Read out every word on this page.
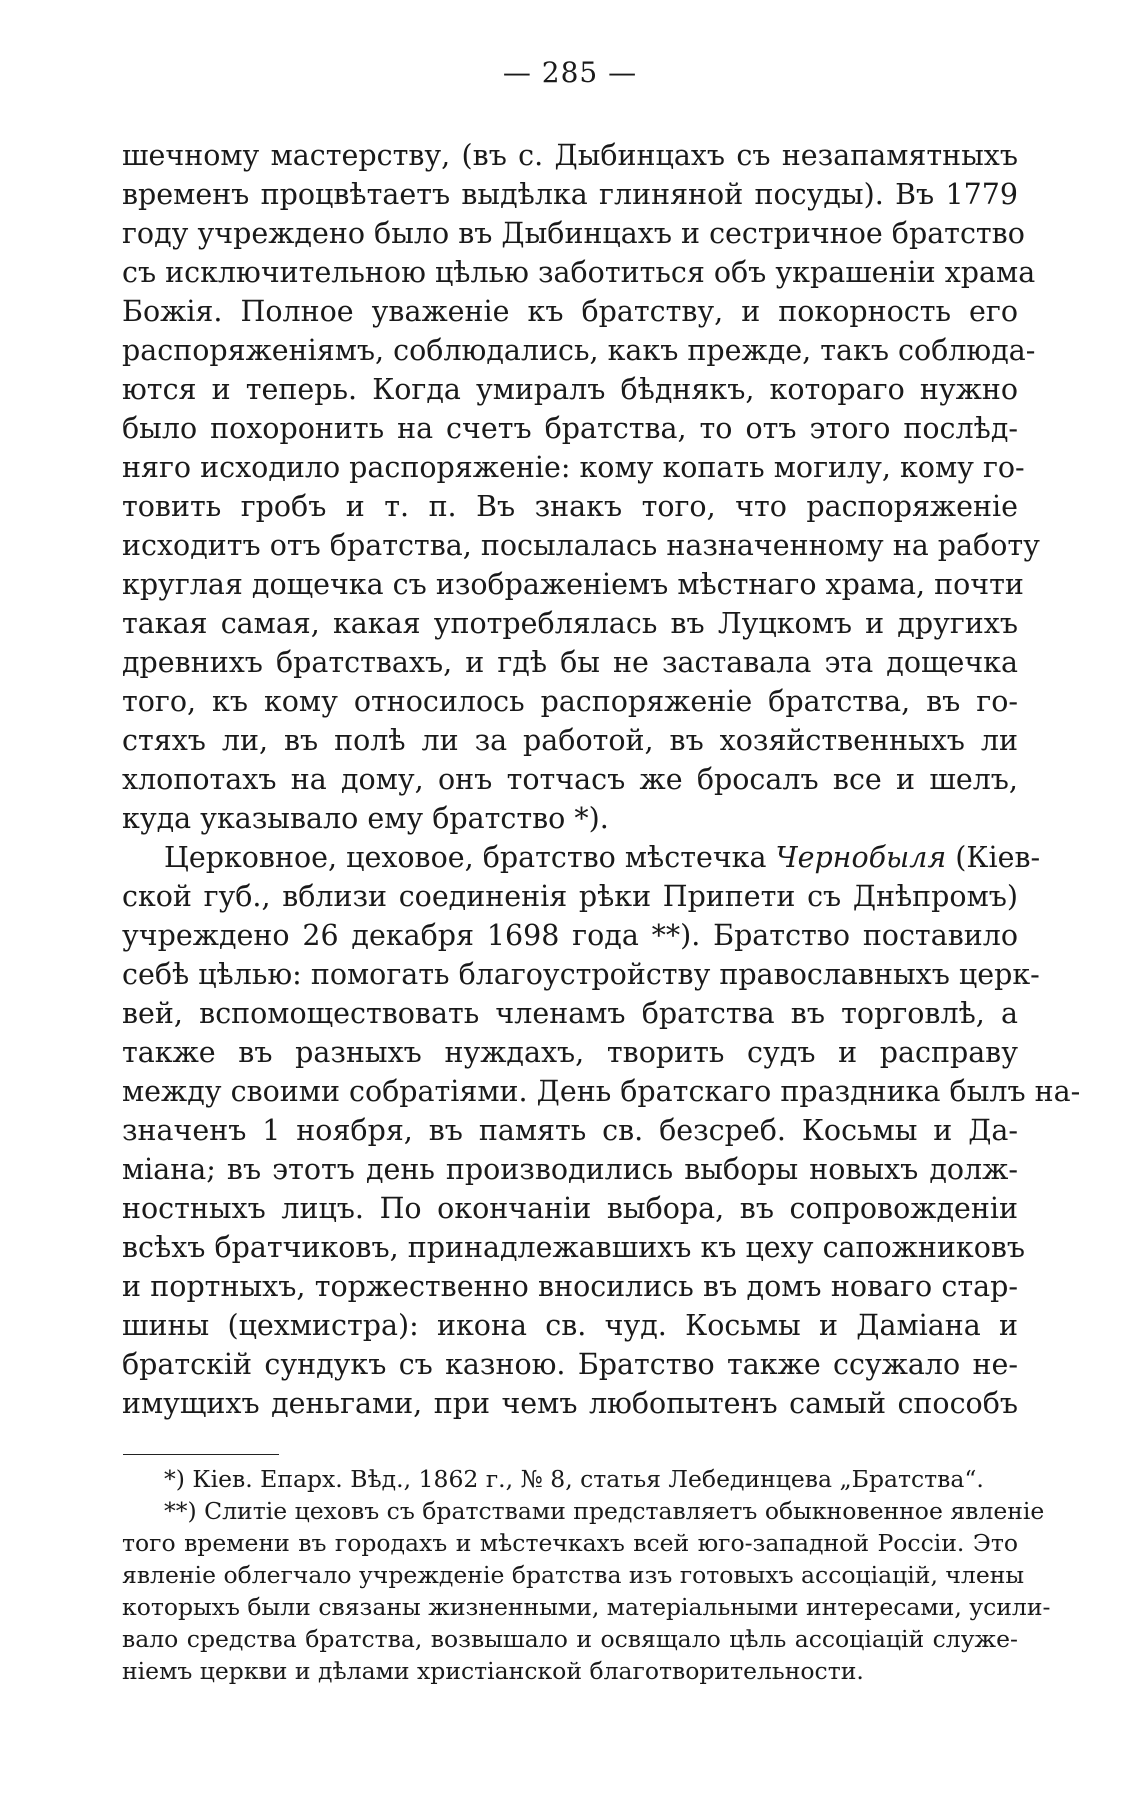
— 285 —
шечному мастерству, (въ с. Дыбинцахъ съ незапамятныхъ
временъ процвѣтаетъ выдѣлка глиняной посуды). Въ 1779
году учреждено было въ Дыбинцахъ и сестричное братство
съ исключительною цѣлью заботиться объ украшеніи храма
Божія. Полное уваженіе къ братству, и покорность его
распоряженіямъ, соблюдались, какъ прежде, такъ соблюда-
ются и теперь. Когда умиралъ бѣднякъ, котораго нужно
было похоронить на счетъ братства, то отъ этого послѣд-
няго исходило распоряженіе: кому копать могилу, кому го-
товить гробъ и т. п. Въ знакъ того, что распоряженіе
исходитъ отъ братства, посылалась назначенному на работу
круглая дощечка съ изображеніемъ мѣстнаго храма, почти
такая самая, какая употреблялась въ Луцкомъ и другихъ
древнихъ братствахъ, и гдѣ бы не заставала эта дощечка
того, къ кому относилось распоряженіе братства, въ го-
стяхъ ли, въ полѣ ли за работой, въ хозяйственныхъ ли
хлопотахъ на дому, онъ тотчасъ же бросалъ все и шелъ,
куда указывало ему братство *).
Церковное, цеховое, братство мѣстечка Чернобыля (Кіев-
ской губ., вблизи соединенія рѣки Припети съ Днѣпромъ)
учреждено 26 декабря 1698 года **). Братство поставило
себѣ цѣлью: помогать благоустройству православныхъ церк-
вей, вспомоществовать членамъ братства въ торговлѣ, а
также въ разныхъ нуждахъ, творить судъ и расправу
между своими собратіями. День братскаго праздника былъ на-
значенъ 1 ноября, въ память св. безсреб. Косьмы и Да-
міана; въ этотъ день производились выборы новыхъ долж-
ностныхъ лицъ. По окончаніи выбора, въ сопровожденіи
всѣхъ братчиковъ, принадлежавшихъ къ цеху сапожниковъ
и портныхъ, торжественно вносились въ домъ новаго стар-
шины (цехмистра): икона св. чуд. Косьмы и Даміана и
братскій сундукъ съ казною. Братство также ссужало не-
имущихъ деньгами, при чемъ любопытенъ самый способъ
*) Кіев. Епарх. Вѣд., 1862 г., № 8, статья Лебединцева „Братства“.
**) Слитіе цеховъ съ братствами представляетъ обыкновенное явленіе
того времени въ городахъ и мѣстечкахъ всей юго-западной Россіи. Это
явленіе облегчало учрежденіе братства изъ готовыхъ ассоціацій, члены
которыхъ были связаны жизненными, матеріальными интересами, усили-
вало средства братства, возвышало и освящало цѣль ассоціацій служе-
ніемъ церкви и дѣлами христіанской благотворительности.
